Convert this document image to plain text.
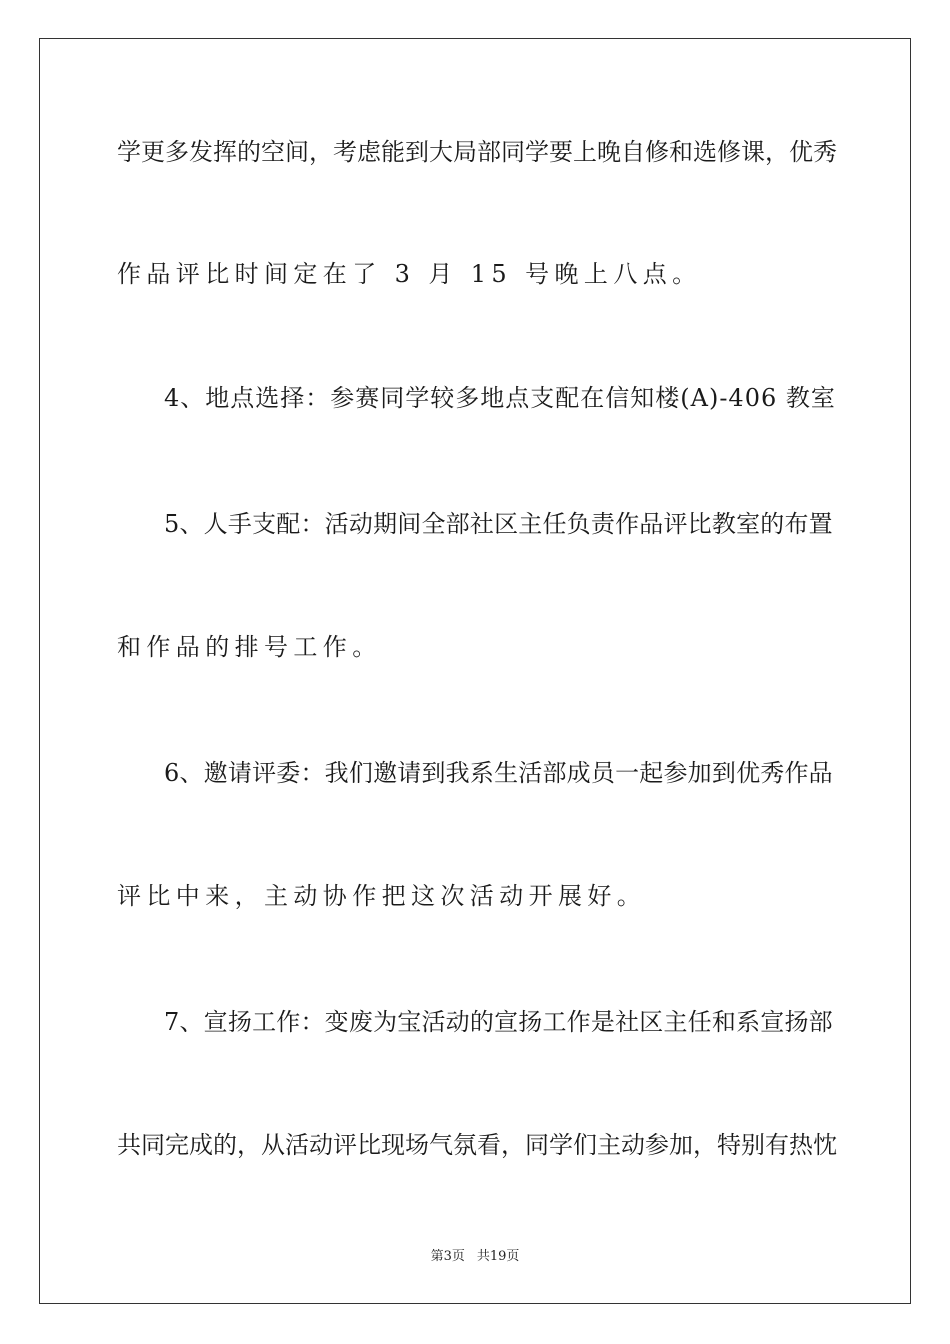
学更多发挥的空间，考虑能到大局部同学要上晚自修和选修课，优秀
作品评比时间定在了 3 月 15 号晚上八点。
4、地点选择：参赛同学较多地点支配在信知楼(A)-406 教室
5、人手支配：活动期间全部社区主任负责作品评比教室的布置
和作品的排号工作。
6、邀请评委：我们邀请到我系生活部成员一起参加到优秀作品
评比中来，主动协作把这次活动开展好。
7、宣扬工作：变废为宝活动的宣扬工作是社区主任和系宣扬部
共同完成的，从活动评比现场气氛看，同学们主动参加，特别有热忱
第3页 共19页
